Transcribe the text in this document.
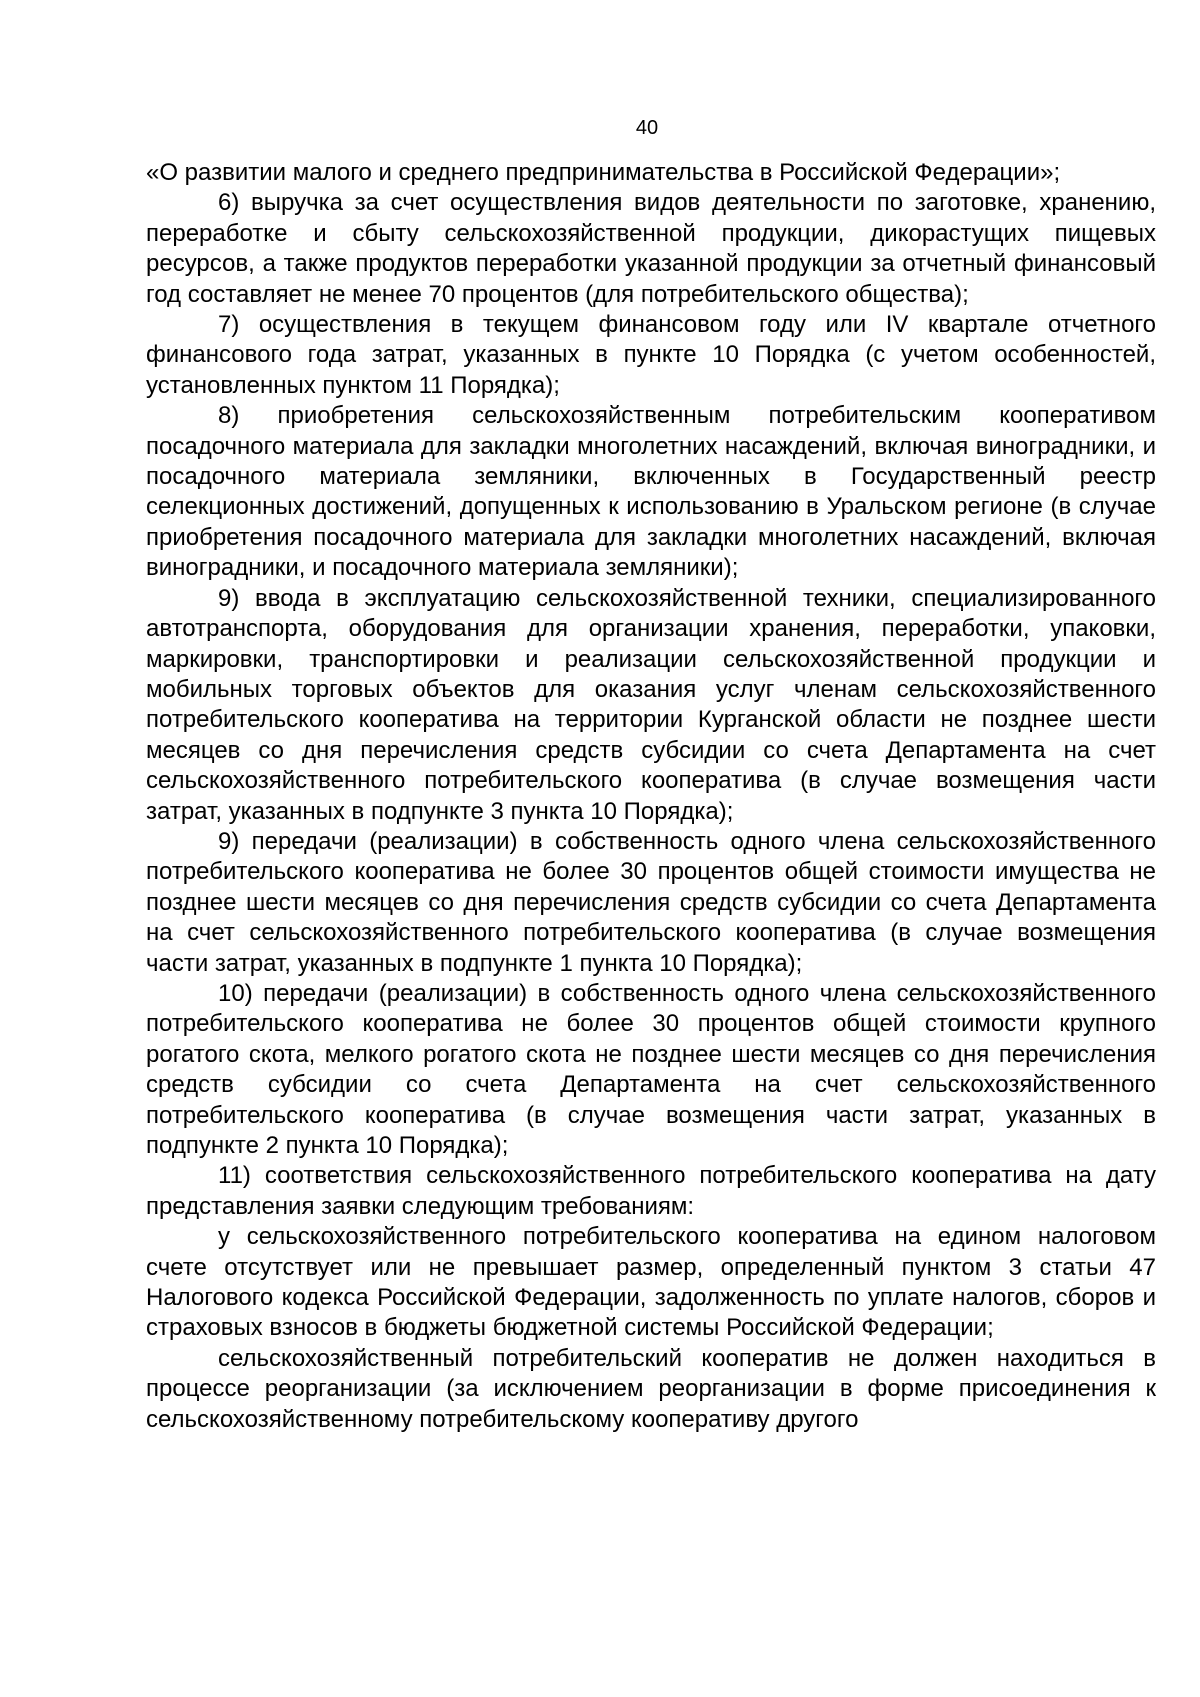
40

«О развитии малого и среднего предпринимательства в Российской Федерации»;

6) выручка за счет осуществления видов деятельности по заготовке, хранению, переработке и сбыту сельскохозяйственной продукции, дикорастущих пищевых ресурсов, а также продуктов переработки указанной продукции за отчетный финансовый год составляет не менее 70 процентов (для потребительского общества);

7) осуществления в текущем финансовом году или IV квартале отчетного финансового года затрат, указанных в пункте 10 Порядка (с учетом особенностей, установленных пунктом 11 Порядка);

8) приобретения сельскохозяйственным потребительским кооперативом посадочного материала для закладки многолетних насаждений, включая виноградники, и посадочного материала земляники, включенных в Государственный реестр селекционных достижений, допущенных к использованию в Уральском регионе (в случае приобретения посадочного материала для закладки многолетних насаждений, включая виноградники, и посадочного материала земляники);

9) ввода в эксплуатацию сельскохозяйственной техники, специализированного автотранспорта, оборудования для организации хранения, переработки, упаковки, маркировки, транспортировки и реализации сельскохозяйственной продукции и мобильных торговых объектов для оказания услуг членам сельскохозяйственного потребительского кооператива на территории Курганской области не позднее шести месяцев со дня перечисления средств субсидии со счета Департамента на счет сельскохозяйственного потребительского кооператива (в случае возмещения части затрат, указанных в подпункте 3 пункта 10 Порядка);

9) передачи (реализации) в собственность одного члена сельскохозяйственного потребительского кооператива не более 30 процентов общей стоимости имущества не позднее шести месяцев со дня перечисления средств субсидии со счета Департамента на счет сельскохозяйственного потребительского кооператива (в случае возмещения части затрат, указанных в подпункте 1 пункта 10 Порядка);

10) передачи (реализации) в собственность одного члена сельскохозяйственного потребительского кооператива не более 30 процентов общей стоимости крупного рогатого скота, мелкого рогатого скота не позднее шести месяцев со дня перечисления средств субсидии со счета Департамента на счет сельскохозяйственного потребительского кооператива (в случае возмещения части затрат, указанных в подпункте 2 пункта 10 Порядка);

11) соответствия сельскохозяйственного потребительского кооператива на дату представления заявки следующим требованиям:

у сельскохозяйственного потребительского кооператива на едином налоговом счете отсутствует или не превышает размер, определенный пунктом 3 статьи 47 Налогового кодекса Российской Федерации, задолженность по уплате налогов, сборов и страховых взносов в бюджеты бюджетной системы Российской Федерации;

сельскохозяйственный потребительский кооператив не должен находиться в процессе реорганизации (за исключением реорганизации в форме присоединения к сельскохозяйственному потребительскому кооперативу другого
